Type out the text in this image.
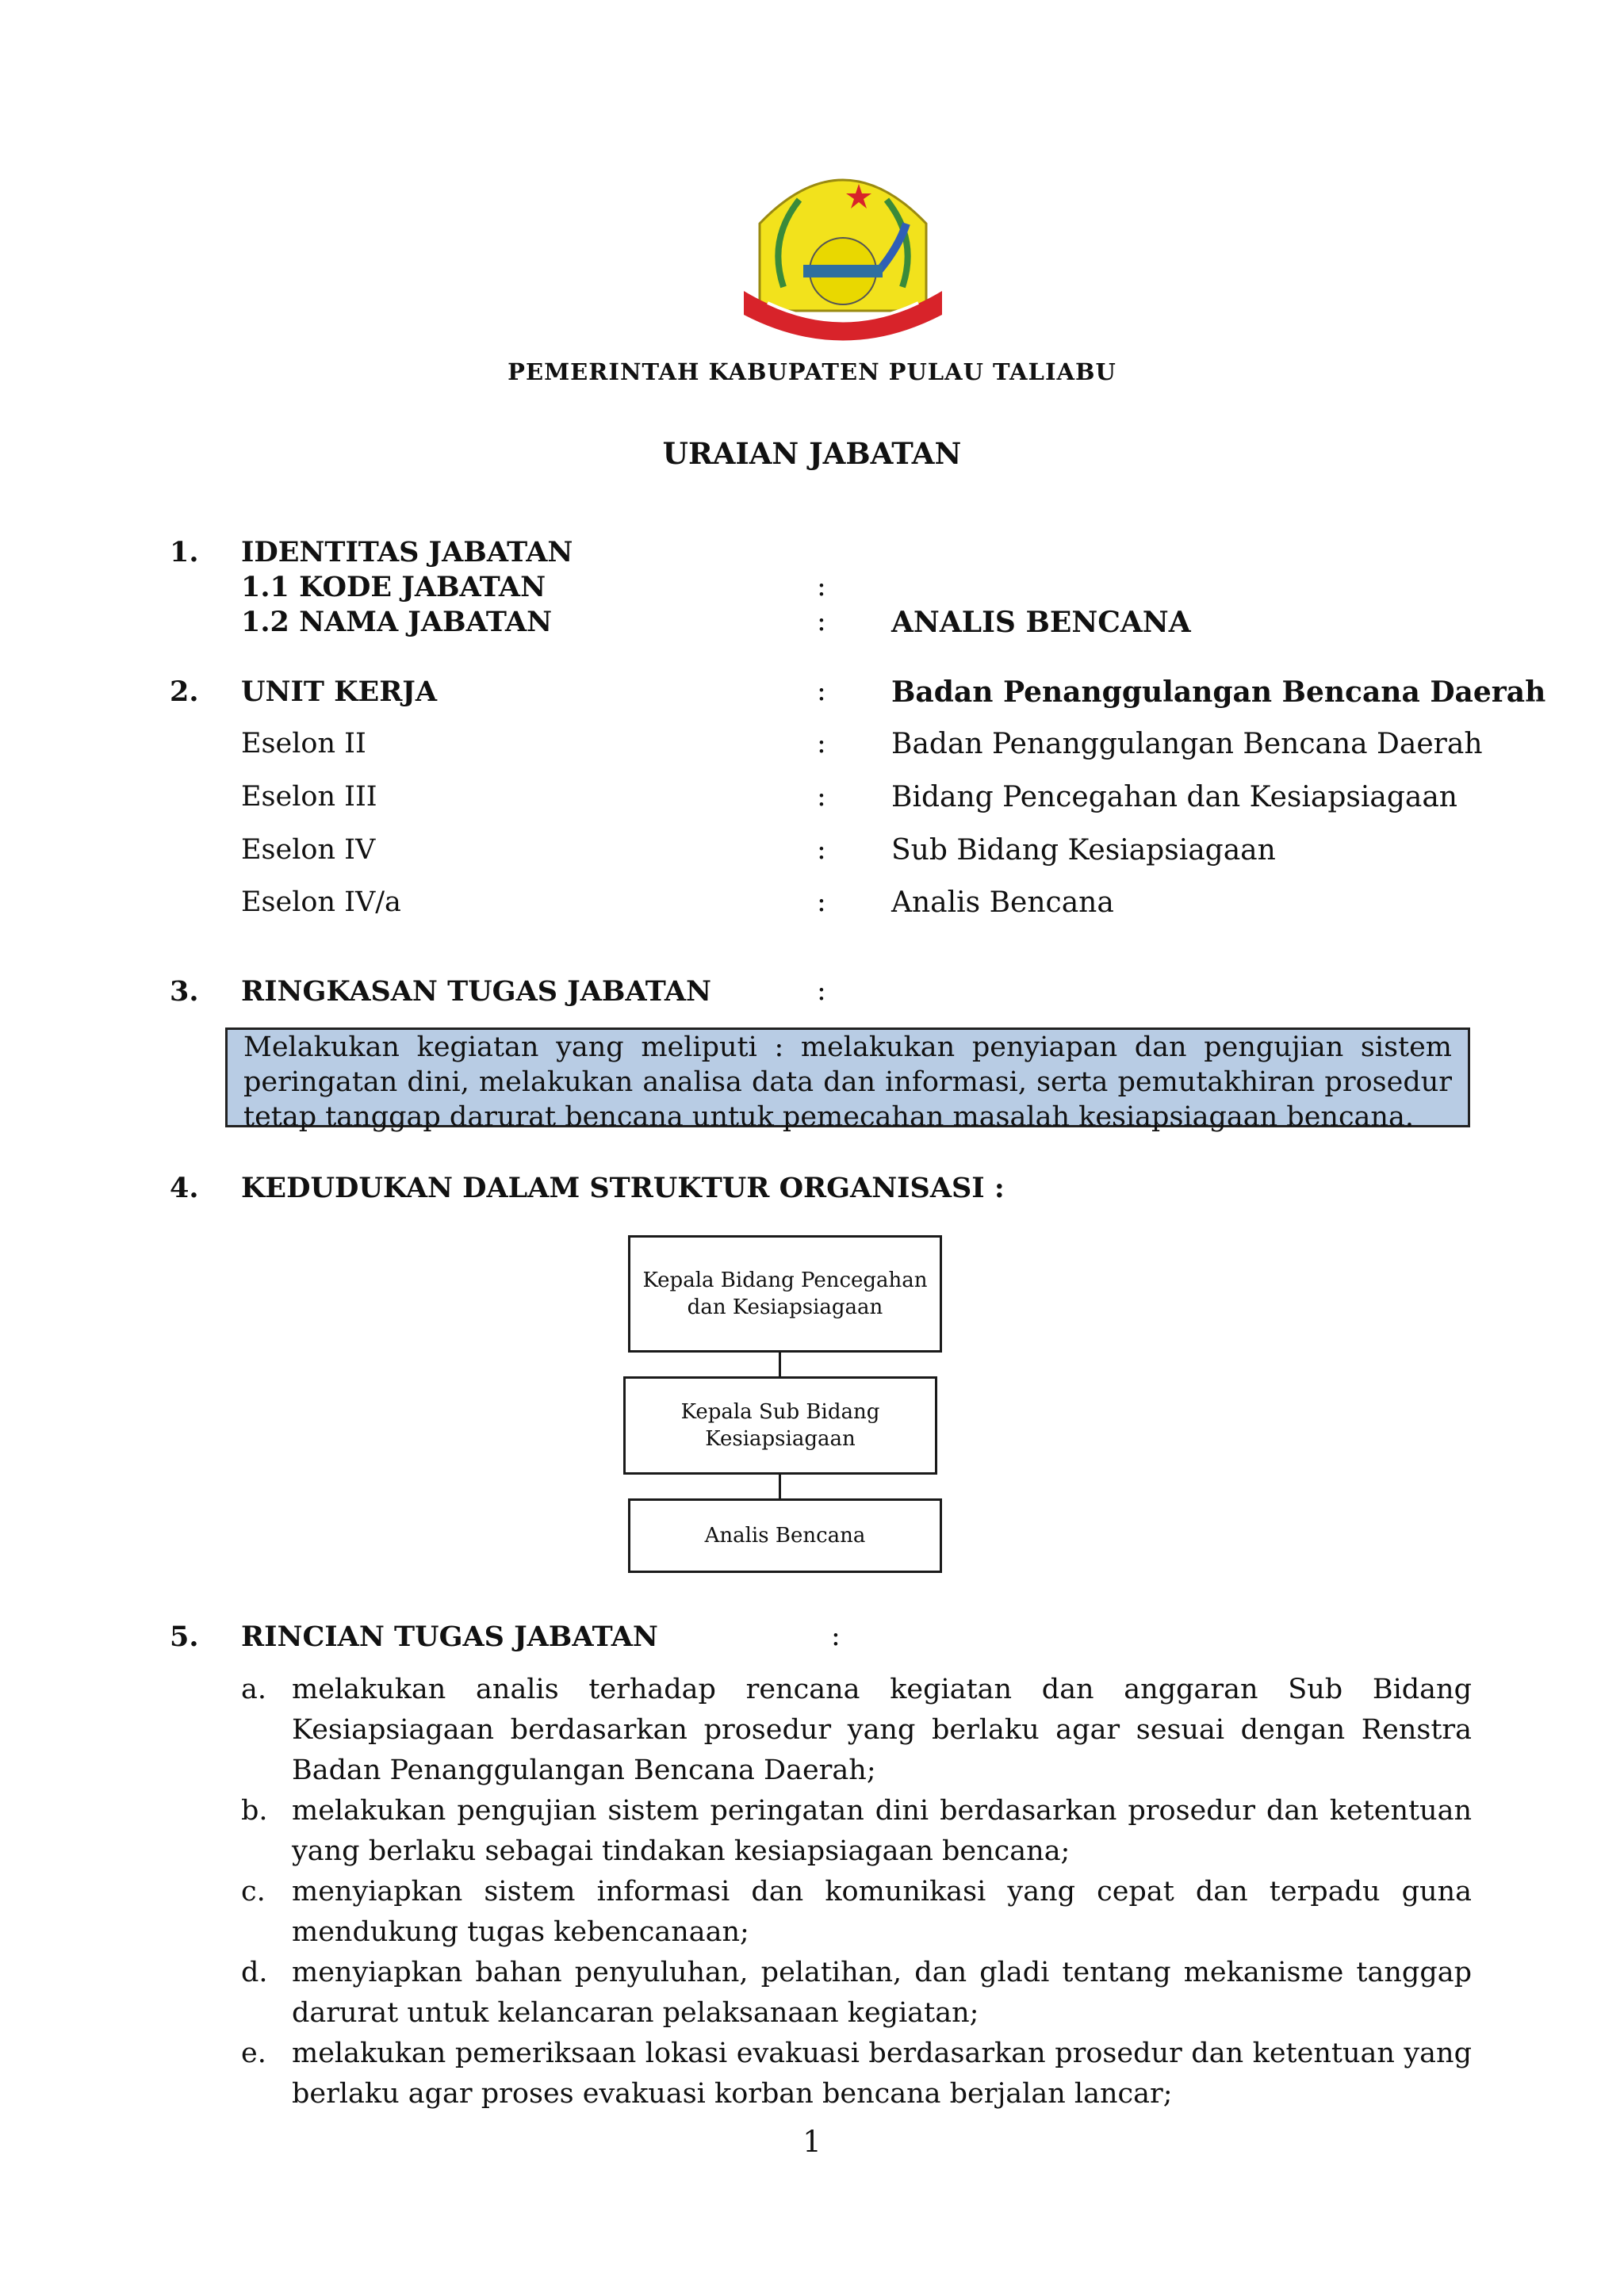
PEMERINTAH KABUPATEN PULAU TALIABU
URAIAN JABATAN
1. IDENTITAS JABATAN
1.1 KODE JABATAN	:
1.2 NAMA JABATAN	: ANALIS BENCANA
2. UNIT KERJA	: Badan Penanggulangan Bencana Daerah
Eselon II	: Badan Penanggulangan Bencana Daerah
Eselon III	: Bidang Pencegahan dan Kesiapsiagaan
Eselon IV	: Sub Bidang Kesiapsiagaan
Eselon IV/a	: Analis Bencana
3. RINGKASAN TUGAS JABATAN	:
Melakukan kegiatan yang meliputi : melakukan penyiapan dan pengujian sistem peringatan dini, melakukan analisa data dan informasi, serta pemutakhiran prosedur tetap tanggap darurat bencana untuk pemecahan masalah kesiapsiagaan bencana.
4. KEDUDUKAN DALAM STRUKTUR ORGANISASI :
Kepala Bidang Pencegahan
dan Kesiapsiagaan
Kepala Sub Bidang
Kesiapsiagaan
Analis Bencana
5. RINCIAN TUGAS JABATAN	:
a. melakukan analis terhadap rencana kegiatan dan anggaran Sub Bidang Kesiapsiagaan berdasarkan prosedur yang berlaku agar sesuai dengan Renstra Badan Penanggulangan Bencana Daerah;
b. melakukan pengujian sistem peringatan dini berdasarkan prosedur dan ketentuan yang berlaku sebagai tindakan kesiapsiagaan bencana;
c. menyiapkan sistem informasi dan komunikasi yang cepat dan terpadu guna mendukung tugas kebencanaan;
d. menyiapkan bahan penyuluhan, pelatihan, dan gladi tentang mekanisme tanggap darurat untuk kelancaran pelaksanaan kegiatan;
e. melakukan pemeriksaan lokasi evakuasi berdasarkan prosedur dan ketentuan yang berlaku agar proses evakuasi korban bencana berjalan lancar;
1
